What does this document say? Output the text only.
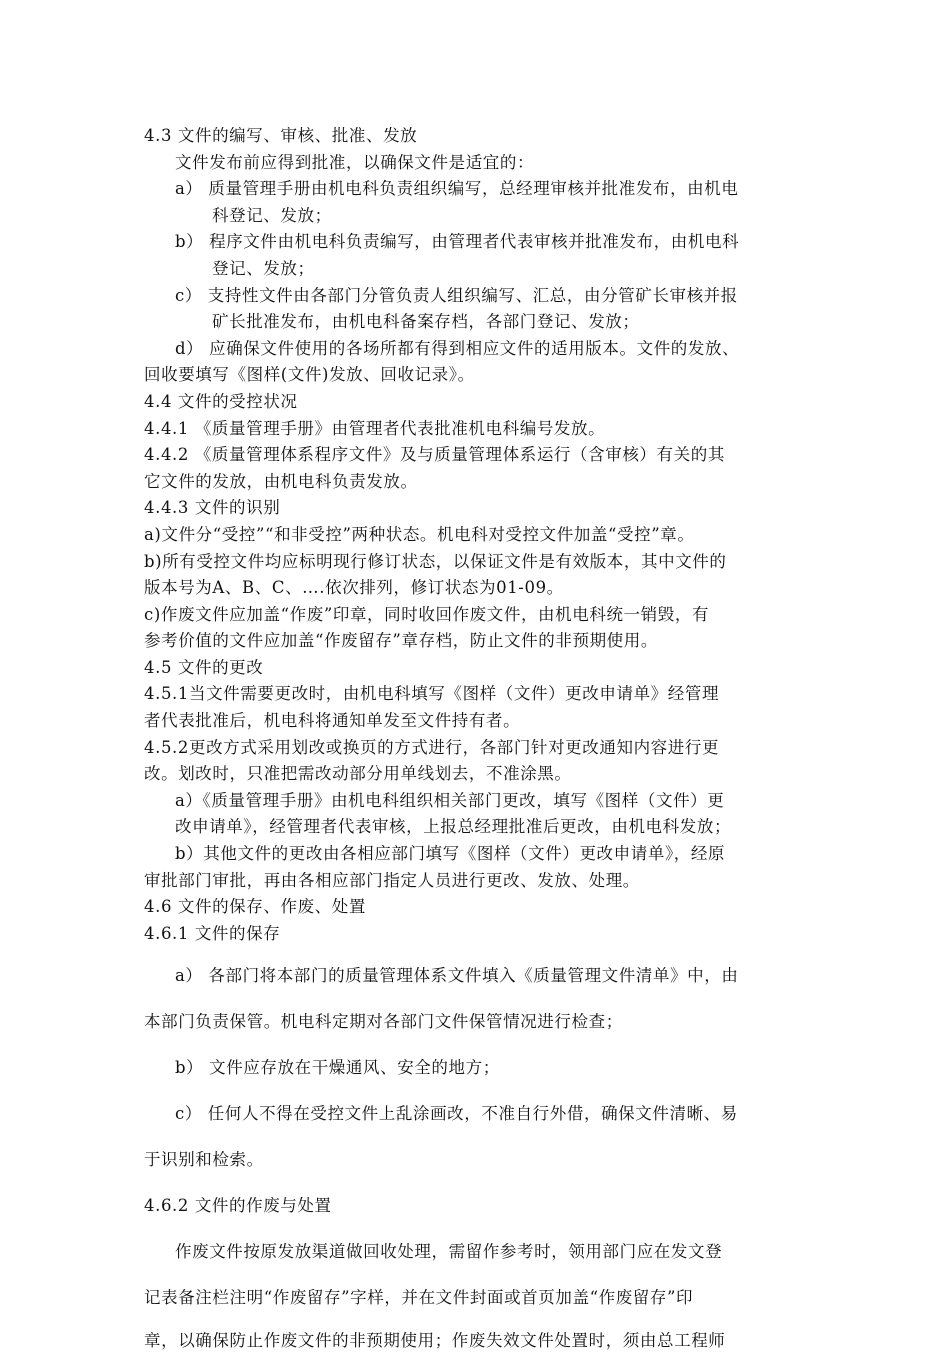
4.3 文件的编写、审核、批准、发放
文件发布前应得到批准，以确保文件是适宜的：
a） 质量管理手册由机电科负责组织编写，总经理审核并批准发布，由机电
科登记、发放；
b） 程序文件由机电科负责编写，由管理者代表审核并批准发布，由机电科
登记、发放；
c） 支持性文件由各部门分管负责人组织编写、汇总，由分管矿长审核并报
矿长批准发布，由机电科备案存档，各部门登记、发放；
d） 应确保文件使用的各场所都有得到相应文件的适用版本。文件的发放、
回收要填写《图样(文件)发放、回收记录》。
4.4 文件的受控状况
4.4.1 《质量管理手册》由管理者代表批准机电科编号发放。
4.4.2 《质量管理体系程序文件》及与质量管理体系运行（含审核）有关的其
它文件的发放，由机电科负责发放。
4.4.3 文件的识别
a)文件分“受控”“和非受控”两种状态。机电科对受控文件加盖“受控”章。
b)所有受控文件均应标明现行修订状态，以保证文件是有效版本，其中文件的
版本号为A、B、C、….依次排列，修订状态为01-09。
c)作废文件应加盖“作废”印章，同时收回作废文件，由机电科统一销毁，有
参考价值的文件应加盖“作废留存”章存档，防止文件的非预期使用。
4.5 文件的更改
4.5.1当文件需要更改时，由机电科填写《图样（文件）更改申请单》经管理
者代表批准后，机电科将通知单发至文件持有者。
4.5.2更改方式采用划改或换页的方式进行，各部门针对更改通知内容进行更
改。划改时，只准把需改动部分用单线划去，不准涂黑。
a）《质量管理手册》由机电科组织相关部门更改，填写《图样（文件）更
改申请单》，经管理者代表审核，上报总经理批准后更改，由机电科发放；
b）其他文件的更改由各相应部门填写《图样（文件）更改申请单》，经原
审批部门审批，再由各相应部门指定人员进行更改、发放、处理。
4.6 文件的保存、作废、处置
4.6.1 文件的保存
a） 各部门将本部门的质量管理体系文件填入《质量管理文件清单》中，由
本部门负责保管。机电科定期对各部门文件保管情况进行检查；
b） 文件应存放在干燥通风、安全的地方；
c） 任何人不得在受控文件上乱涂画改，不准自行外借，确保文件清晰、易
于识别和检索。
4.6.2 文件的作废与处置
作废文件按原发放渠道做回收处理，需留作参考时，领用部门应在发文登
记表备注栏注明“作废留存”字样，并在文件封面或首页加盖“作废留存”印
章，以确保防止作废文件的非预期使用；作废失效文件处置时，须由总工程师
